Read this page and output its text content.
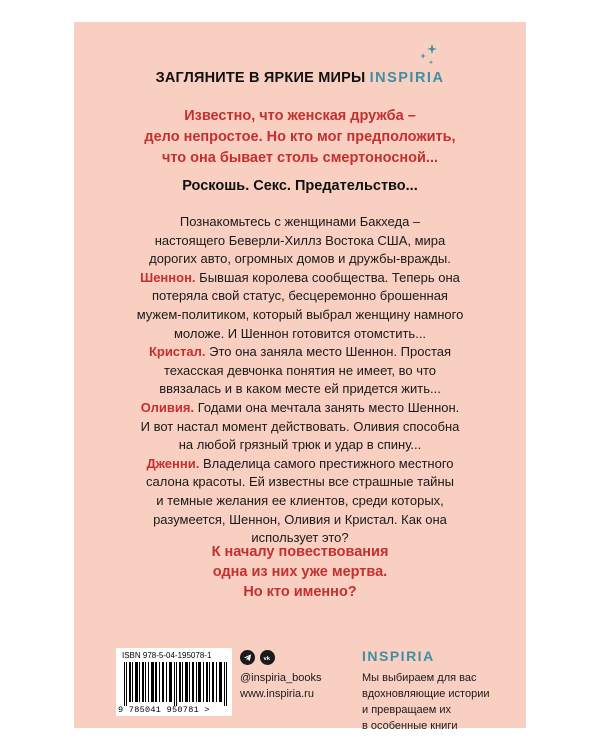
ЗАГЛЯНИТЕ В ЯРКИЕ МИРЫ INSPIRIA
Известно, что женская дружба –
дело непростое. Но кто мог предположить,
что она бывает столь смертоносной...
Роскошь. Секс. Предательство...
Познакомьтесь с женщинами Бакхеда –
настоящего Беверли-Хиллз Востока США, мира
дорогих авто, огромных домов и дружбы-вражды.
Шеннон. Бывшая королева сообщества. Теперь она
потеряла свой статус, бесцеремонно брошенная
мужем-политиком, который выбрал женщину намного
моложе. И Шеннон готовится отомстить...
Кристал. Это она заняла место Шеннон. Простая
техасская девчонка понятия не имеет, во что
ввязалась и в каком месте ей придется жить...
Оливия. Годами она мечтала занять место Шеннон.
И вот настал момент действовать. Оливия способна
на любой грязный трюк и удар в спину...
Дженни. Владелица самого престижного местного
салона красоты. Ей известны все страшные тайны
и темные желания ее клиентов, среди которых,
разумеется, Шеннон, Оливия и Кристал. Как она
использует это?
К началу повествования
одна из них уже мертва.
Но кто именно?
ISBN 978-5-04-195078-1
9 785041 950781 >
vk
@inspiria_books
www.inspiria.ru
INSPIRIA
Мы выбираем для вас
вдохновляющие истории
и превращаем их
в особенные книги
